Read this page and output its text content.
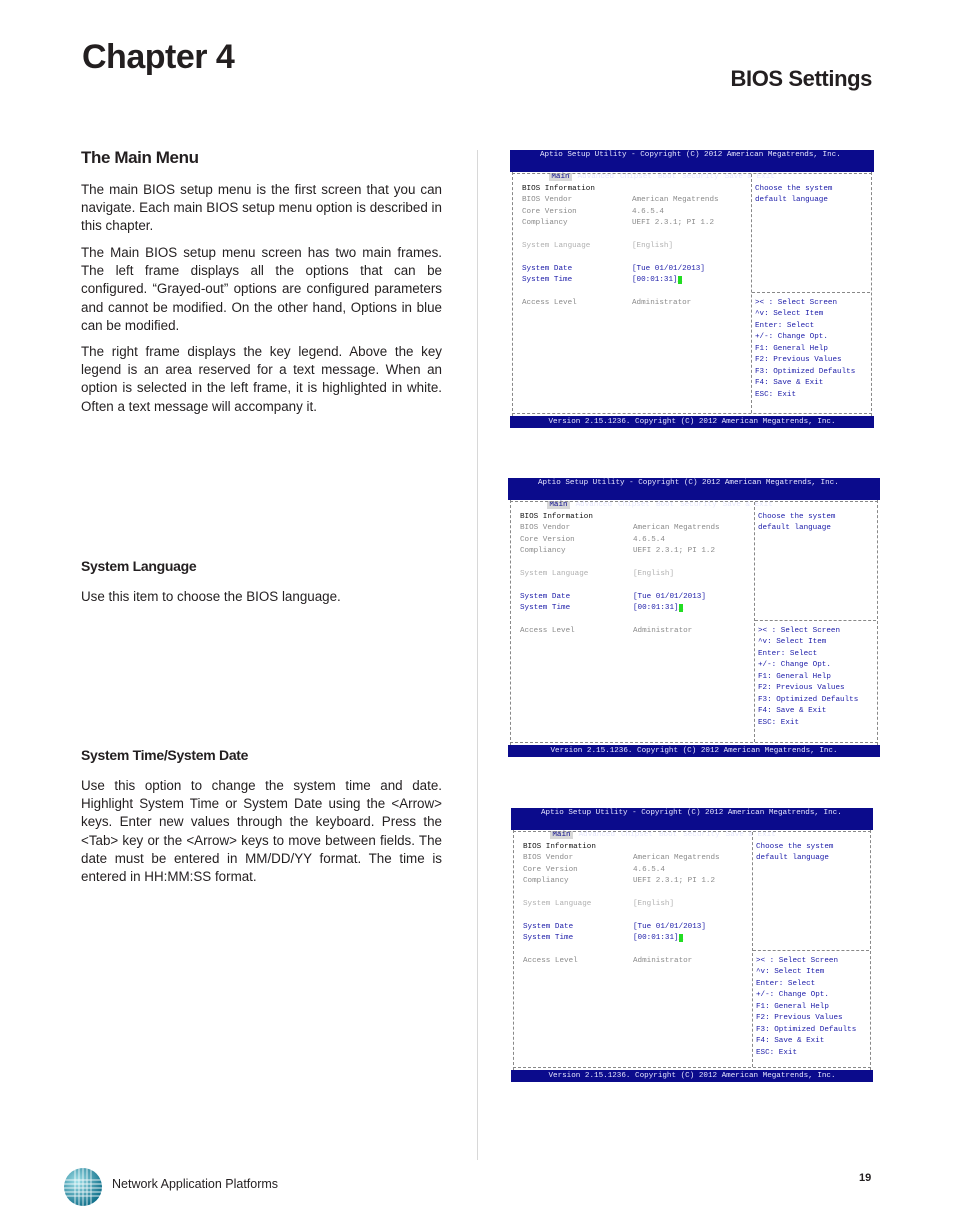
Chapter 4
BIOS Settings
The Main Menu

The main BIOS setup menu is the first screen that you can navigate. Each main BIOS setup menu option is described in this chapter.

The Main BIOS setup menu screen has two main frames. The left frame displays all the options that can be configured. “Grayed-out” options are configured parameters and cannot be modified. On the other hand, Options in blue can be modified.

The right frame displays the key legend. Above the key legend is an area reserved for a text message. When an option is selected in the left frame, it is highlighted in white. Often a text message will accompany it.

System Language

Use this item to choose the BIOS language.

System Time/System Date

Use this option to change the system time and date. Highlight System Time or System Date using the <Arrow> keys. Enter new values through the keyboard. Press the <Tab> key or the <Arrow> keys to move between fields. The date must be entered in MM/DD/YY format. The time is entered in HH:MM:SS format.

Aptio Setup Utility - Copyright (C) 2012 American Megatrends, Inc.

Main Advanced Chipset Boot Security Save & Exit

BIOS Information
BIOS Vendor	American Megatrends
Core Version	4.6.5.4
Compliancy	UEFI 2.3.1; PI 1.2
System Language	[English]
System Date	[Tue 01/01/2013]
System Time	[00:01:31]_
Access Level	Administrator
Choose the system
default language
>< : Select Screen
^v: Select Item
Enter: Select
+/-: Change Opt.
F1: General Help
F2: Previous Values
F3: Optimized Defaults
F4: Save & Exit
ESC: Exit
Version 2.15.1236. Copyright (C) 2012 American Megatrends, Inc.
Aptio Setup Utility - Copyright (C) 2012 American Megatrends, Inc.

Main Advanced Chipset Boot Security Save & Exit

BIOS Information
BIOS Vendor	American Megatrends
Core Version	4.6.5.4
Compliancy	UEFI 2.3.1; PI 1.2
System Language	[English]
System Date	[Tue 01/01/2013]
System Time	[00:01:31]_
Access Level	Administrator
Choose the system
default language
>< : Select Screen
^v: Select Item
Enter: Select
+/-: Change Opt.
F1: General Help
F2: Previous Values
F3: Optimized Defaults
F4: Save & Exit
ESC: Exit
Version 2.15.1236. Copyright (C) 2012 American Megatrends, Inc.
Aptio Setup Utility - Copyright (C) 2012 American Megatrends, Inc.

Main Advanced Chipset Boot Security Save & Exit

BIOS Information
BIOS Vendor	American Megatrends
Core Version	4.6.5.4
Compliancy	UEFI 2.3.1; PI 1.2
System Language	[English]
System Date	[Tue 01/01/2013]
System Time	[00:01:31]_
Access Level	Administrator
Choose the system
default language
>< : Select Screen
^v: Select Item
Enter: Select
+/-: Change Opt.
F1: General Help
F2: Previous Values
F3: Optimized Defaults
F4: Save & Exit
ESC: Exit
Version 2.15.1236. Copyright (C) 2012 American Megatrends, Inc.
Network Application Platforms	19
